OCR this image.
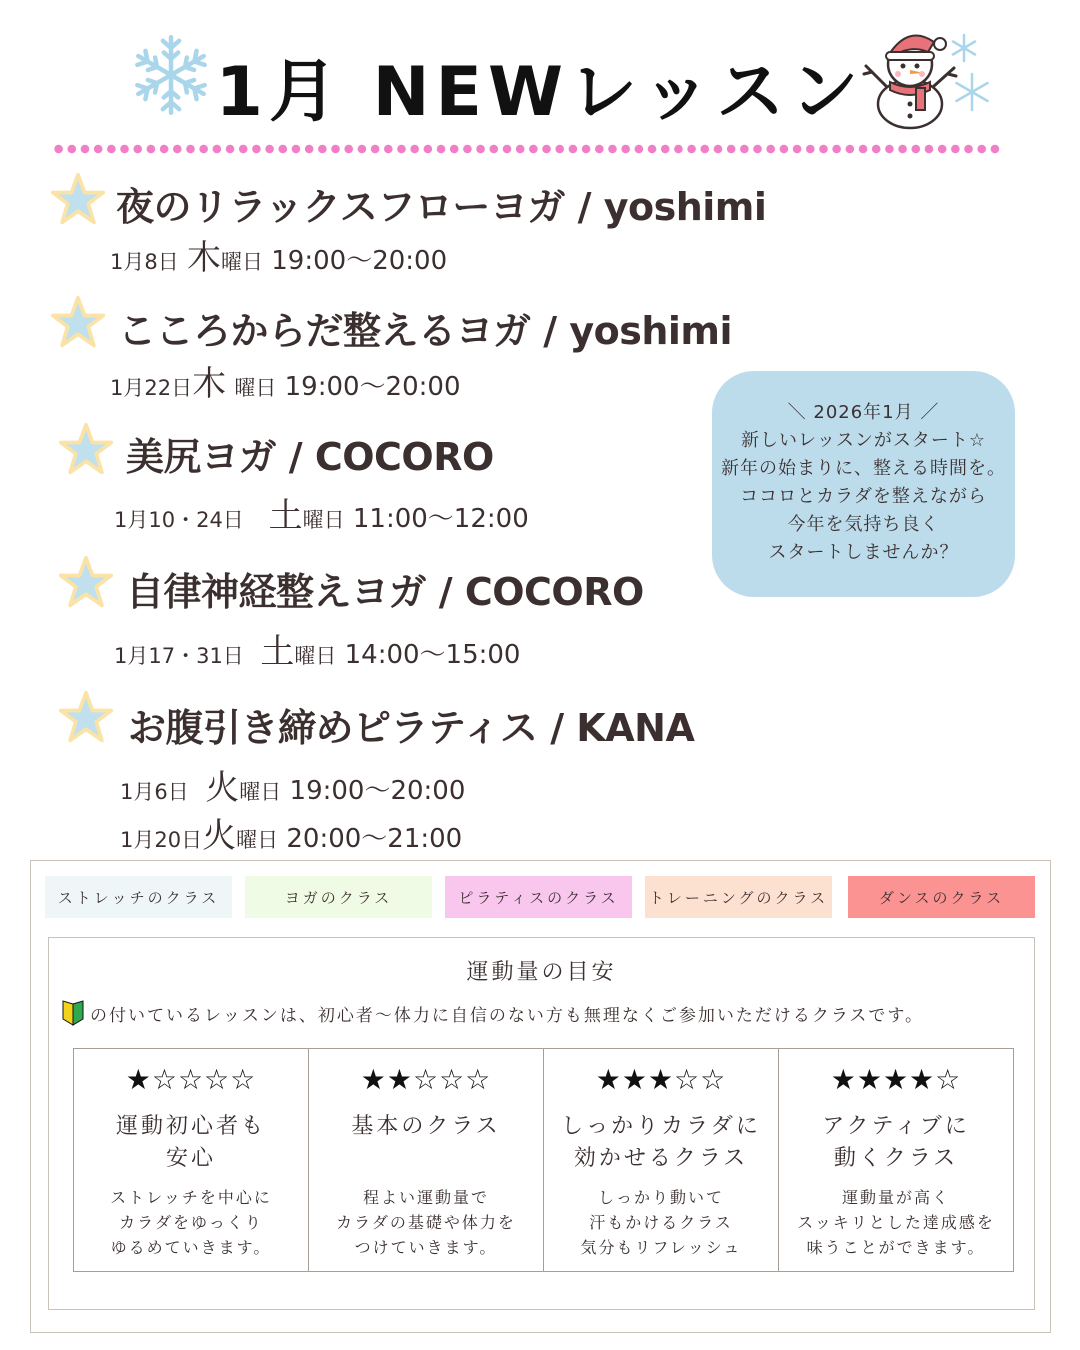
1月 NEWレッスン
夜のリラックスフローヨガ / yoshimi
1月8日 木曜日 19:00〜20:00
こころからだ整えるヨガ / yoshimi
1月22日木 曜日 19:00〜20:00
美尻ヨガ / COCORO
1月10・24日 土曜日 11:00〜12:00
自律神経整えヨガ / COCORO
1月17・31日 土曜日 14:00〜15:00
お腹引き締めピラティス / KANA
1月6日 火曜日 19:00〜20:00
1月20日火曜日 20:00〜21:00
＼ 2026年1月 ／
新しいレッスンがスタート☆
新年の始まりに、整える時間を。
ココロとカラダを整えながら
今年を気持ち良く
スタートしませんか？
ストレッチのクラス	ヨガのクラス	ピラティスのクラス	トレーニングのクラス	ダンスのクラス
運動量の目安
の付いているレッスンは、初心者〜体力に自信のない方も無理なくご参加いただけるクラスです。
★☆☆☆☆
運動初心者も
安心
ストレッチを中心に
カラダをゆっくり
ゆるめていきます。
★★☆☆☆
基本のクラス
程よい運動量で
カラダの基礎や体力を
つけていきます。
★★★☆☆
しっかりカラダに
効かせるクラス
しっかり動いて
汗もかけるクラス
気分もリフレッシュ
★★★★☆
アクティブに
動くクラス
運動量が高く
スッキリとした達成感を
味うことができます。
